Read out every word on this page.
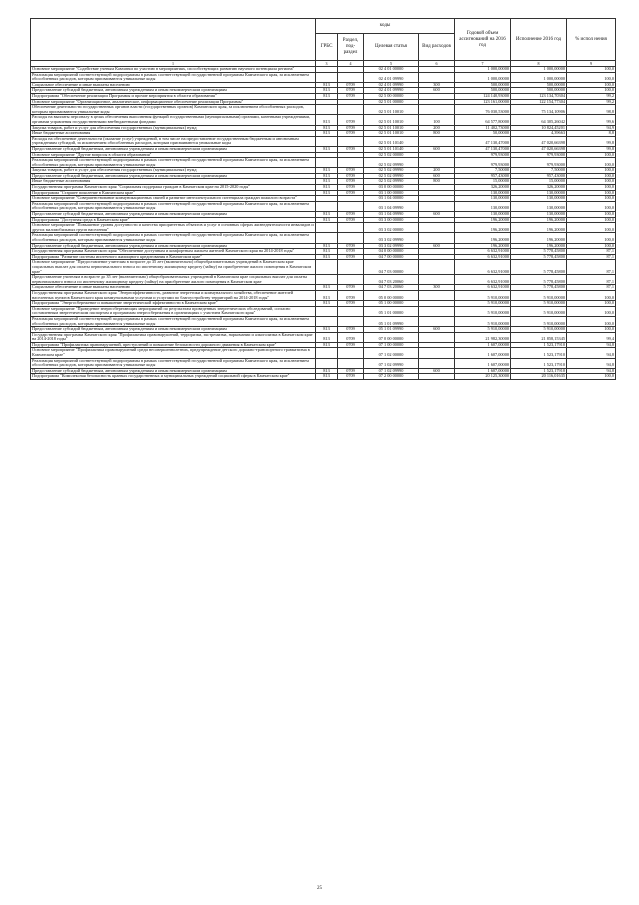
	коды				Годовой объем ассигнований на 2016 год	Исполнение 2016 год	% испол нения
	ГРБС	Раздел, под-раздел	Целевая статья	Вид расходов			
1	3	4	5	6	7	8	9
Основное мероприятие "Содействие ученым Камчатки по участию в мероприятиях, способствующих развитию научного потенциала региона"			02 4 01 00000		1 000,00000	1 000,00000	100,0
Реализация мероприятий соответствующей подпрограммы в рамках соответствующей государственной программы Камчатского края, за исключением обособленных расходов, которым присваиваются уникальные коды			02 4 01 09990		1 000,00000	1 000,00000	100,0
Социальное обеспечение и иные выплаты населению	813	0709	02 4 01 09990	300	500,00000	500,00000	100,0
Предоставление субсидий бюджетным, автономным учреждениям и иным некоммерческим организациям	813	0709	02 4 01 09990	600	500,00000	500,00000	100,0
Подпрограмма "Обеспечение реализации Программы и прочие мероприятия в области образования"	813	0709	02 5 00 00000		124 140,93000	123 134,70304	99,2
Основное мероприятие "Организационное, аналитическое, информационное обеспечение реализации Программы"			02 5 01 00000		123 161,00000	122 154,77304	99,2
Обеспечение деятельности государственных органов власти (государственных органов) Камчатского края, за исключением обособленных расходов, которым присваиваются уникальные коды			02 5 01 10010		76 030,53000	75 134,10906	98,8
Расходы на выплаты персоналу в целях обеспечения выполнения функций государственными (муниципальными) органами, казенными учреждениями, органами управления государственными внебюджетными фондами	813	0709	02 5 01 10010	100	64 577,80000	64 305,26042	99,6
Закупка товаров, работ и услуг для обеспечения государственных (муниципальных) нужд	813	0709	02 5 01 10010	200	11 402,73000	10 824,45201	94,9
Иные бюджетные ассигнования	813	0709	02 5 01 10010	800	50,00000	4,39663	8,8
Расходы на обеспечение деятельности (оказание услуг) учреждений, в том числе на предоставление государственным бюджетным и автономным учреждениям субсидий, за исключением обособленных расходов, которым присваиваются уникальные коды			02 5 01 10140		47 130,47000	47 020,66398	99,8
Предоставление субсидий бюджетным, автономным учреждениям и иным некоммерческим организациям	813	0709	02 5 01 10140	600	47 130,47000	47 020,66398	99,8
Основное мероприятие "Другие вопросы в области образования"			02 5 02 00000		979,93000	979,93000	100,0
Реализация мероприятий соответствующей подпрограммы в рамках соответствующей государственной программы Камчатского края, за исключением обособленных расходов, которым присваиваются уникальные коды			02 5 02 09990		979,93000	979,93000	100,0
Закупка товаров, работ и услуг для обеспечения государственных (муниципальных) нужд	813	0709	02 5 02 09990	200	7,50000	7,50000	100,0
Предоставление субсидий бюджетным, автономным учреждениям и иным некоммерческим организациям	813	0709	02 5 02 09990	600	957,43000	957,43000	100,0
Иные бюджетные ассигнования	813	0709	02 5 02 09990	800	15,00000	15,00000	100,0
Государственная программа Камчатского края "Социальная поддержка граждан в Камчатском крае на 2015-2020 годы"	813	0709	03 0 00 00000		326,20000	326,20000	100,0
Подпрограмма "Старшее поколение в Камчатском крае"	813	0709	03 1 00 00000		130,00000	130,00000	100,0
Основное мероприятие "Совершенствование коммуникационных связей и развитие интеллектуального потенциала граждан пожилого возраста"			03 1 04 00000		130,00000	130,00000	100,0
Реализация мероприятий соответствующей подпрограммы в рамках соответствующей государственной программы Камчатского края, за исключением обособленных расходов, которым присваиваются уникальные коды			03 1 04 09990		130,00000	130,00000	100,0
Предоставление субсидий бюджетным, автономным учреждениям и иным некоммерческим организациям	813	0709	03 1 04 09990	600	130,00000	130,00000	100,0
Подпрограмма "Доступная среда в Камчатском крае"	813	0709	03 3 00 00000		196,20000	196,20000	100,0
Основное мероприятие "Повышение уровня доступности и качества приоритетных объектов и услуг в основных сферах жизнедеятельности инвалидов и других маломобильных групп населения"			03 3 02 00000		196,20000	196,20000	100,0
Реализация мероприятий соответствующей подпрограммы в рамках соответствующей государственной программы Камчатского края, за исключением обособленных расходов, которым присваиваются уникальные коды			03 3 02 09990		196,20000	196,20000	100,0
Предоставление субсидий бюджетным, автономным учреждениям и иным некоммерческим организациям	813	0709	03 3 02 09990	600	196,20000	196,20000	100,0
Государственная программа Камчатского края "Обеспечение доступным и комфортным жильем жителей Камчатского края на 2014-2018 годы"	813	0709	04 0 00 00000		6 632,91000	5 778,45800	87,1
Подпрограмма "Развитие системы ипотечного жилищного кредитования в Камчатском крае"	813	0709	04 7 00 00000		6 632,91000	5 778,45800	87,1
Основное мероприятие "Предоставление учителям в возрасте до 35 лет (включительно) общеобразовательных учреждений в Камчатском крае социальных выплат для оплаты первоначального взноса по ипотечному жилищному кредиту (займу) на приобретение жилого помещения в Камчатском крае"			04 7 03 00000		6 632,91000	5 778,45800	87,1
Предоставление учителям в возрасте до 35 лет (включительно) общеобразовательных учреждений в Камчатском крае социальных выплат для оплаты первоначального взноса по ипотечному жилищному кредиту (займу) на приобретение жилого помещения в Камчатском крае			04 7 03 20060		6 632,91000	5 778,45800	87,1
Социальное обеспечение и иные выплаты населению	813	0709	04 7 03 20060	300	6 632,91000	5 778,45800	87,1
Государственная программа Камчатского края "Энергоэффективность, развитие энергетики и коммунального хозяйства, обеспечение жителей населенных пунктов Камчатского края коммунальными услугами и услугами по благоустройству территорий на 2014-2018 годы"	813	0709	05 0 00 00000		5 910,00000	5 910,00000	100,0
Подпрограмма "Энергосбережение и повышение энергетической эффективности в Камчатском крае"	813	0709	05 1 00 00000		5 910,00000	5 910,00000	100,0
Основное мероприятие "Проведение энергосберегающих мероприятий по результатам проведенных энергетических обследований, согласно составленным энергетическим паспортам и программам энергосбережения в организациях с участием Камчатского края"			05 1 01 00000		5 910,00000	5 910,00000	100,0
Реализация мероприятий соответствующей подпрограммы в рамках соответствующей государственной программы Камчатского края, за исключением обособленных расходов, которым присваиваются уникальные коды			05 1 01 09990		5 910,00000	5 910,00000	100,0
Предоставление субсидий бюджетным, автономным учреждениям и иным некоммерческим организациям	813	0709	05 1 01 09990	600	5 910,00000	5 910,00000	100,0
Государственная программа Камчатского края "Профилактика правонарушений, терроризма, экстремизма, наркомании и алкоголизма в Камчатском крае на 2014-2018 годы"	813	0709	07 0 00 00000		21 982,30000	21 858,15345	99,4
Подпрограмма "Профилактика правонарушений, преступлений и повышение безопасности дорожного движения в Камчатском крае"	813	0709	07 1 00 00000		1 607,00000	1 523,17910	94,8
Основное мероприятие "Профилактика правонарушений среди несовершеннолетних, предупреждение детского дорожно-транспортного травматизма в Камчатском крае"			07 1 02 00000		1 607,00000	1 523,17910	94,8
Реализация мероприятий соответствующей подпрограммы в рамках соответствующей государственной программы Камчатского края, за исключением обособленных расходов, которым присваиваются уникальные коды			07 1 02 09990		1 607,00000	1 523,17910	94,8
Предоставление субсидий бюджетным, автономным учреждениям и иным некоммерческим организациям	813	0709	07 1 02 09990	600	1 607,00000	1 523,17910	94,8
Подпрограмма "Комплексная безопасность краевых государственных и муниципальных учреждений социальной сферы в Камчатском крае"	813	0709	07 2 00 00000		20 125,30000	20 116,01635	100,0
25
